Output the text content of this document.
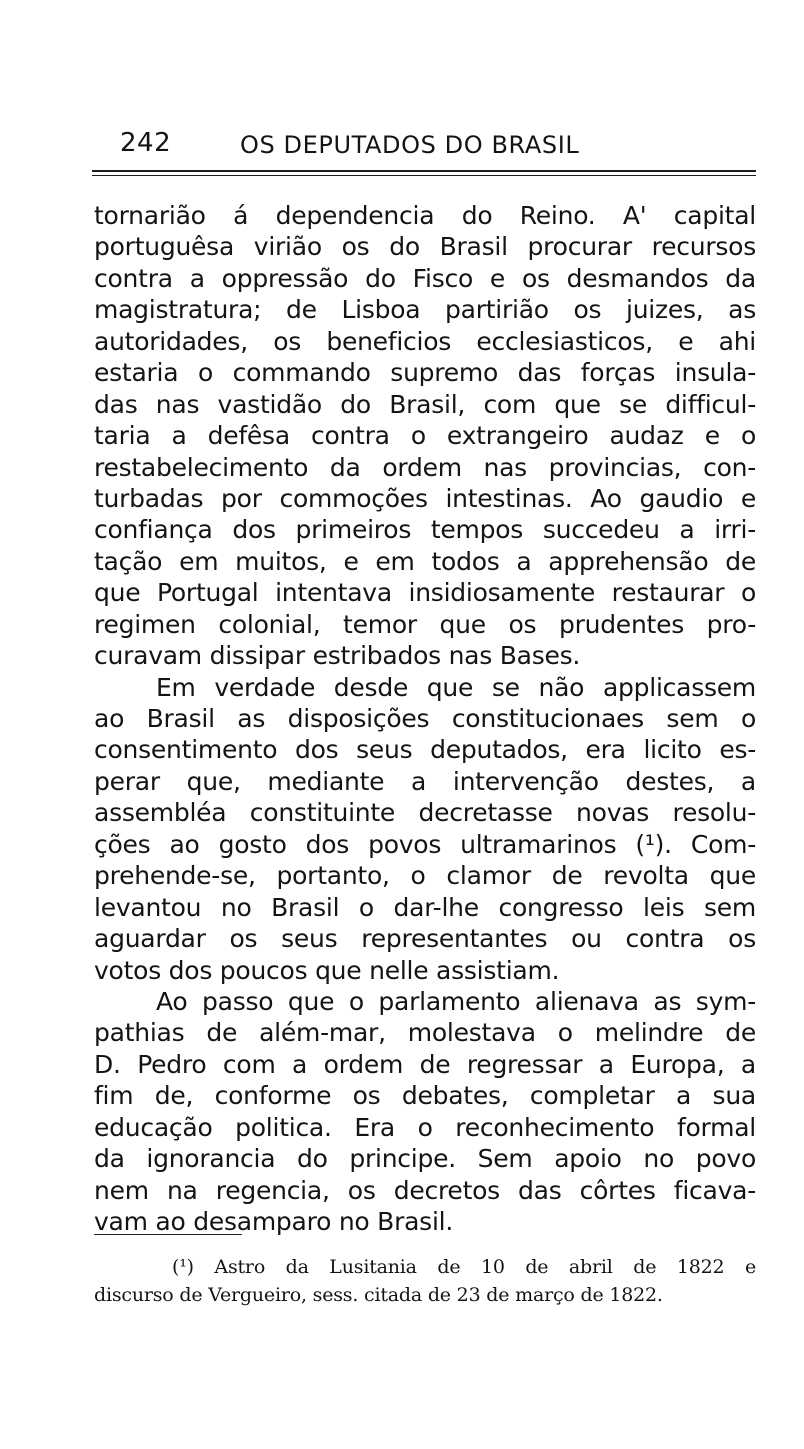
242	OS DEPUTADOS DO BRASIL
tornarião á dependencia do Reino. A' capital
portuguêsa virião os do Brasil procurar recursos
contra a oppressão do Fisco e os desmandos da
magistratura; de Lisboa partirião os juizes, as
autoridades, os beneficios ecclesiasticos, e ahi
estaria o commando supremo das forças insula-
das nas vastidão do Brasil, com que se difficul-
taria a defêsa contra o extrangeiro audaz e o
restabelecimento da ordem nas provincias, con-
turbadas por commoções intestinas. Ao gaudio e
confiança dos primeiros tempos succedeu a irri-
tação em muitos, e em todos a apprehensão de
que Portugal intentava insidiosamente restaurar o
regimen colonial, temor que os prudentes pro-
curavam dissipar estribados nas Bases.
Em verdade desde que se não applicassem
ao Brasil as disposições constitucionaes sem o
consentimento dos seus deputados, era licito es-
perar que, mediante a intervenção destes, a
assembléa constituinte decretasse novas resolu-
ções ao gosto dos povos ultramarinos (¹). Com-
prehende-se, portanto, o clamor de revolta que
levantou no Brasil o dar-lhe congresso leis sem
aguardar os seus representantes ou contra os
votos dos poucos que nelle assistiam.
Ao passo que o parlamento alienava as sym-
pathias de além-mar, molestava o melindre de
D. Pedro com a ordem de regressar a Europa, a
fim de, conforme os debates, completar a sua
educação politica. Era o reconhecimento formal
da ignorancia do principe. Sem apoio no povo
nem na regencia, os decretos das côrtes ficava-
vam ao desamparo no Brasil.
(¹) Astro da Lusitania de 10 de abril de 1822 e
discurso de Vergueiro, sess. citada de 23 de março de 1822.
